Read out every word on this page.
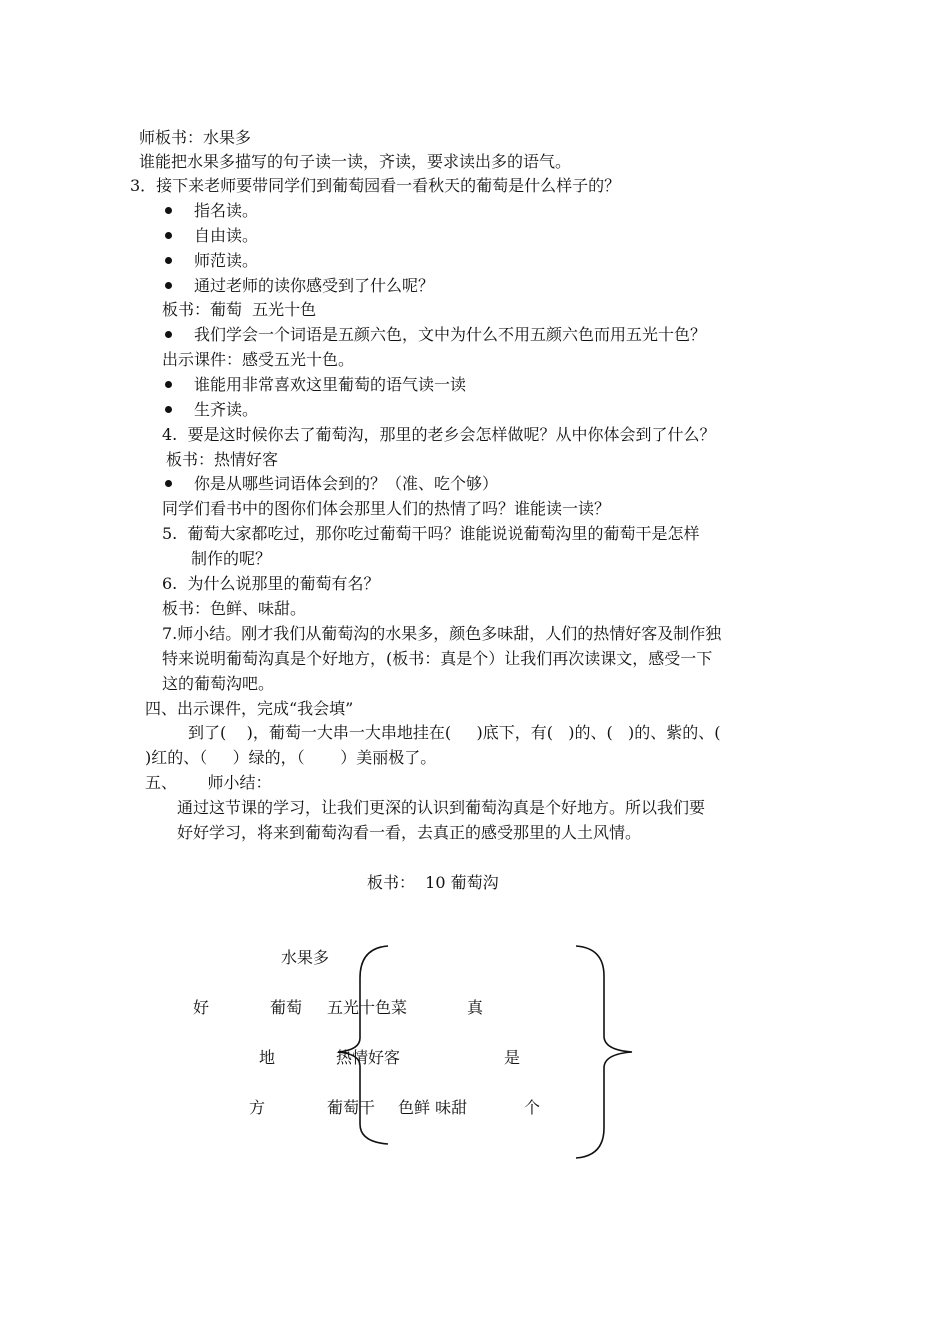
师板书：水果多
谁能把水果多描写的句子读一读，齐读，要求读出多的语气。
3．接下来老师要带同学们到葡萄园看一看秋天的葡萄是什么样子的？
指名读。
自由读。
师范读。
通过老师的读你感受到了什么呢？
板书：葡萄  五光十色
我们学会一个词语是五颜六色，文中为什么不用五颜六色而用五光十色？
出示课件：感受五光十色。
谁能用非常喜欢这里葡萄的语气读一读
生齐读。
4.  要是这时候你去了葡萄沟，那里的老乡会怎样做呢？从中你体会到了什么？
板书：热情好客
你是从哪些词语体会到的？（准、吃个够）
同学们看书中的图你们体会那里人们的热情了吗？谁能读一读？
5.  葡萄大家都吃过，那你吃过葡萄干吗？谁能说说葡萄沟里的葡萄干是怎样
制作的呢？
6.  为什么说那里的葡萄有名？
板书：色鲜、味甜。
7.师小结。刚才我们从葡萄沟的水果多，颜色多味甜，人们的热情好客及制作独
特来说明葡萄沟真是个好地方，(板书：真是个）让我们再次读课文，感受一下
这的葡萄沟吧。
四、出示课件，完成“我会填”
到了(    )，葡萄一大串一大串地挂在(     )底下，有(   )的、(   )的、紫的、(
)红的、（     ）绿的，（       ）美丽极了。
五、      师小结：
通过这节课的学习，让我们更深的认识到葡萄沟真是个好地方。所以我们要
好好学习，将来到葡萄沟看一看，去真正的感受那里的人土风情。
板书：  10 葡萄沟
水果多
好	葡萄 五光十色菜	真
地	热情好客	是
方	葡萄干 色鲜 味甜	个
